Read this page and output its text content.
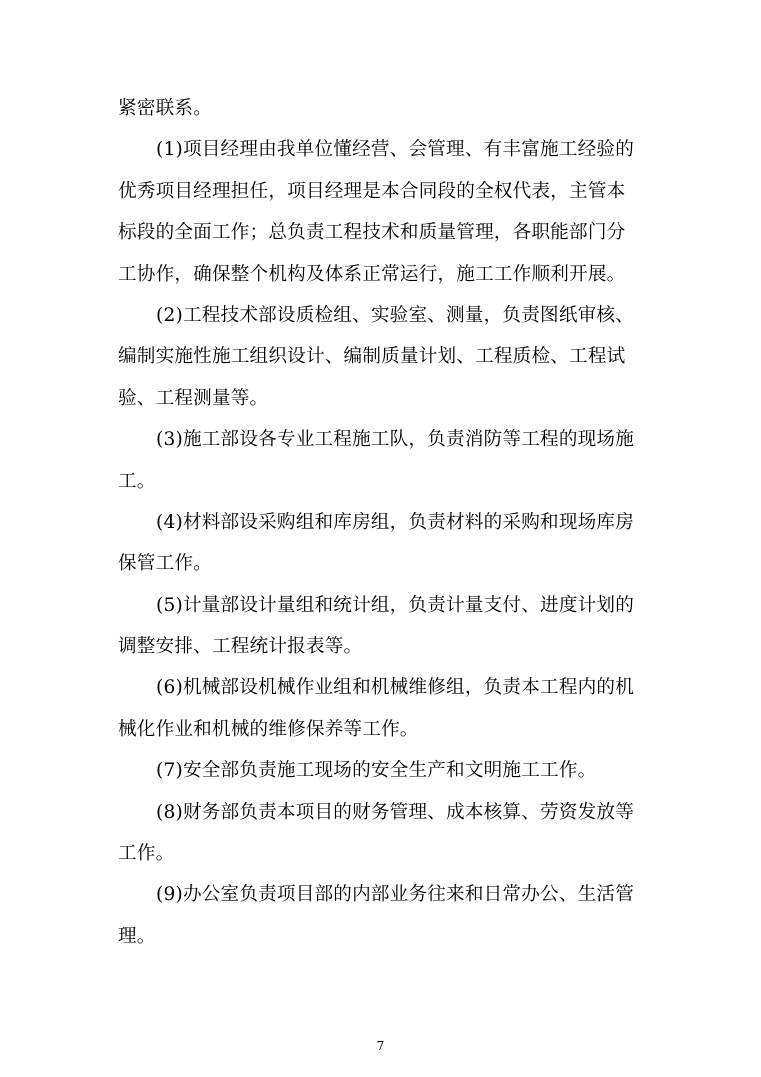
紧密联系。
(1)项目经理由我单位懂经营、会管理、有丰富施工经验的
优秀项目经理担任，项目经理是本合同段的全权代表，主管本
标段的全面工作；总负责工程技术和质量管理，各职能部门分
工协作，确保整个机构及体系正常运行，施工工作顺利开展。
(2)工程技术部设质检组、实验室、测量，负责图纸审核、
编制实施性施工组织设计、编制质量计划、工程质检、工程试
验、工程测量等。
(3)施工部设各专业工程施工队，负责消防等工程的现场施
工。
(4)材料部设采购组和库房组，负责材料的采购和现场库房
保管工作。
(5)计量部设计量组和统计组，负责计量支付、进度计划的
调整安排、工程统计报表等。
(6)机械部设机械作业组和机械维修组，负责本工程内的机
械化作业和机械的维修保养等工作。
(7)安全部负责施工现场的安全生产和文明施工工作。
(8)财务部负责本项目的财务管理、成本核算、劳资发放等
工作。
(9)办公室负责项目部的内部业务往来和日常办公、生活管
理。
7
